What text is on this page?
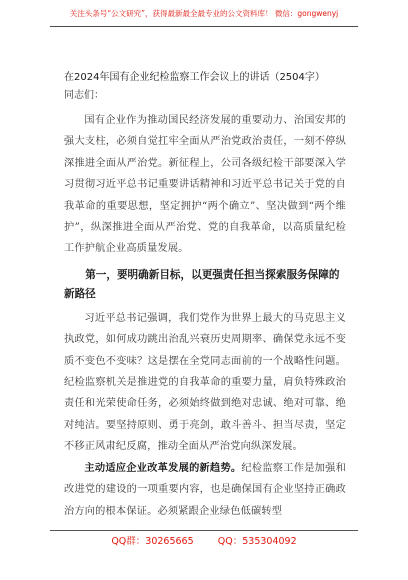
关注头条号“公文研究”，获得最新最全最专业的公文资料库！ 微信：gongwenyj

在2024年国有企业纪检监察工作会议上的讲话（2504字）

同志们：

国有企业作为推动国民经济发展的重要动力、治国安邦的强大支柱，必须自觉扛牢全面从严治党政治责任，一刻不停纵深推进全面从严治党。新征程上，公司各级纪检干部要深入学习贯彻习近平总书记重要讲话精神和习近平总书记关于党的自我革命的重要思想，坚定拥护“两个确立”、坚决做到“两个维护”，纵深推进全面从严治党、党的自我革命，以高质量纪检工作护航企业高质量发展。

第一，要明确新目标，以更强责任担当探索服务保障的新路径

习近平总书记强调，我们党作为世界上最大的马克思主义执政党，如何成功跳出治乱兴衰历史周期率、确保党永远不变质不变色不变味？这是摆在全党同志面前的一个战略性问题。纪检监察机关是推进党的自我革命的重要力量，肩负特殊政治责任和光荣使命任务，必须始终做到绝对忠诚、绝对可靠、绝对纯洁。要坚持原则、勇于亮剑，敢斗善斗、担当尽责，坚定不移正风肃纪反腐，推动全面从严治党向纵深发展。

主动适应企业改革发展的新趋势。纪检监察工作是加强和改进党的建设的一项重要内容，也是确保国有企业坚持正确政治方向的根本保证。必须紧跟企业绿色低碳转型

QQ群：30265665        QQ：535304092
